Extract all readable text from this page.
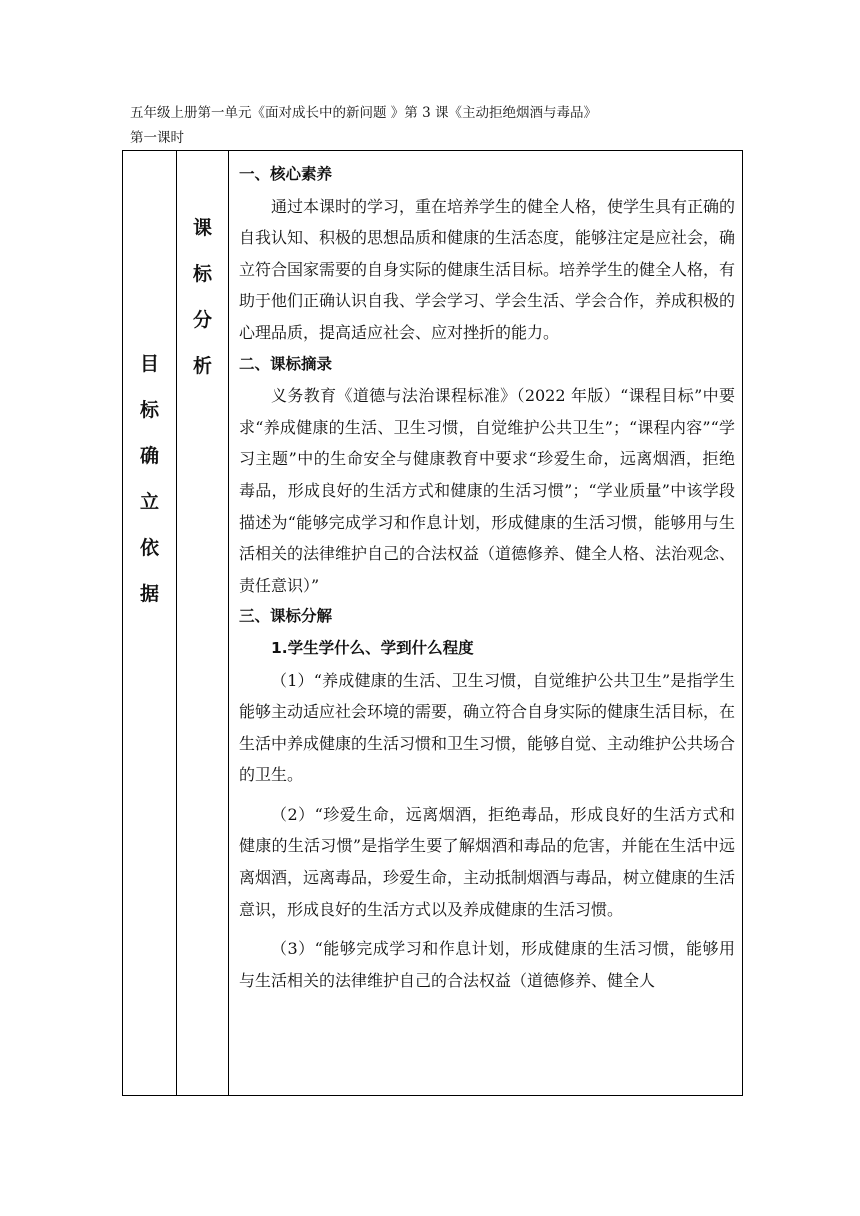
五年级上册第一单元《面对成长中的新问题 》第 3 课《主动拒绝烟酒与毒品》
第一课时
目
标
确
立
依
据

课
标
分
析

一、核心素养

通过本课时的学习，重在培养学生的健全人格，使学生具有正确的自我认知、积极的思想品质和健康的生活态度，能够注定是应社会，确立符合国家需要的自身实际的健康生活目标。培养学生的健全人格，有助于他们正确认识自我、学会学习、学会生活、学会合作，养成积极的心理品质，提高适应社会、应对挫折的能力。

二、课标摘录

义务教育《道德与法治课程标准》（2022 年版）“课程目标”中要求“养成健康的生活、卫生习惯，自觉维护公共卫生”；“课程内容”“学习主题”中的生命安全与健康教育中要求“珍爱生命，远离烟酒，拒绝毒品，形成良好的生活方式和健康的生活习惯”；“学业质量”中该学段描述为“能够完成学习和作息计划，形成健康的生活习惯，能够用与生活相关的法律维护自己的合法权益（道德修养、健全人格、法治观念、责任意识）”

三、课标分解

1.学生学什么、学到什么程度

（1）“养成健康的生活、卫生习惯，自觉维护公共卫生”是指学生能够主动适应社会环境的需要，确立符合自身实际的健康生活目标，在生活中养成健康的生活习惯和卫生习惯，能够自觉、主动维护公共场合的卫生。

（2）“珍爱生命，远离烟酒，拒绝毒品，形成良好的生活方式和健康的生活习惯”是指学生要了解烟酒和毒品的危害，并能在生活中远离烟酒，远离毒品，珍爱生命，主动抵制烟酒与毒品，树立健康的生活意识，形成良好的生活方式以及养成健康的生活习惯。

（3）“能够完成学习和作息计划，形成健康的生活习惯，能够用与生活相关的法律维护自己的合法权益（道德修养、健全人
